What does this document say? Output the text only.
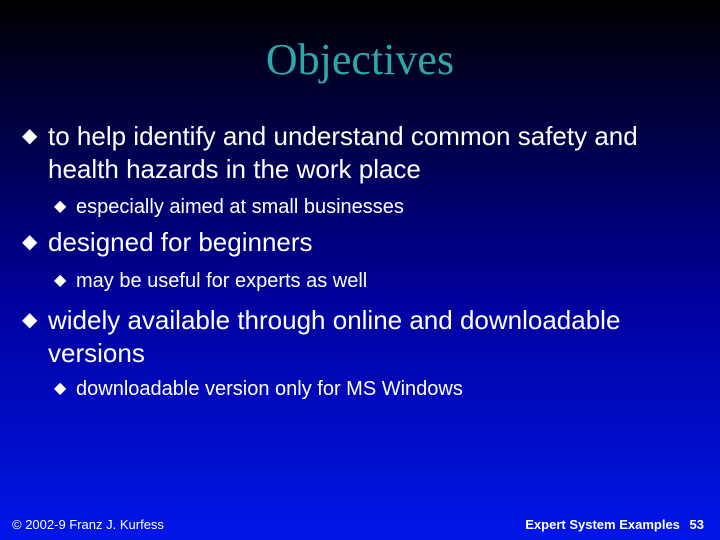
Objectives
◆ to help identify and understand common safety and health hazards in the work place
◆ especially aimed at small businesses
◆ designed for beginners
◆ may be useful for experts as well
◆ widely available through online and downloadable versions
◆ downloadable version only for MS Windows
© 2002-9 Franz J. Kurfess	Expert System Examples 53
